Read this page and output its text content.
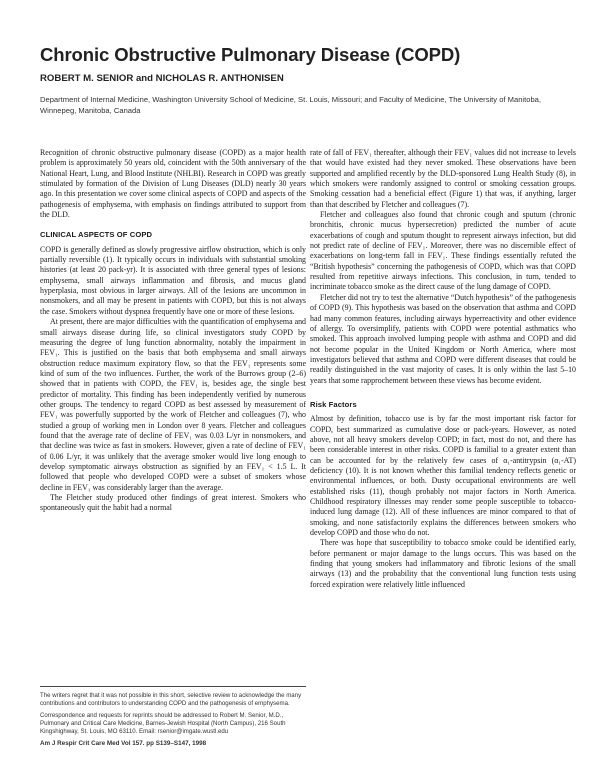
Chronic Obstructive Pulmonary Disease (COPD)
ROBERT M. SENIOR and NICHOLAS R. ANTHONISEN
Department of Internal Medicine, Washington University School of Medicine, St. Louis, Missouri; and Faculty of Medicine, The University of Manitoba, Winnepeg, Manitoba, Canada

Recognition of chronic obstructive pulmonary disease (COPD) as a major health problem is approximately 50 years old, coincident with the 50th anniversary of the National Heart, Lung, and Blood Institute (NHLBI). Research in COPD was greatly stimulated by formation of the Division of Lung Diseases (DLD) nearly 30 years ago. In this presentation we cover some clinical aspects of COPD and aspects of the pathogenesis of emphysema, with emphasis on findings attributed to support from the DLD.

CLINICAL ASPECTS OF COPD

COPD is generally defined as slowly progressive airflow obstruction, which is only partially reversible (1). It typically occurs in individuals with substantial smoking histories (at least 20 pack-yr). It is associated with three general types of lesions: emphysema, small airways inflammation and fibrosis, and mucus gland hyperplasia, most obvious in larger airways. All of the lesions are uncommon in nonsmokers, and all may be present in patients with COPD, but this is not always the case. Smokers without dyspnea frequently have one or more of these lesions.

At present, there are major difficulties with the quantification of emphysema and small airways disease during life, so clinical investigators study COPD by measuring the degree of lung function abnormality, notably the impairment in FEV₁. This is justified on the basis that both emphysema and small airways obstruction reduce maximum expiratory flow, so that the FEV₁ represents some kind of sum of the two influences. Further, the work of the Burrows group (2–6) showed that in patients with COPD, the FEV₁ is, besides age, the single best predictor of mortality. This finding has been independently verified by numerous other groups. The tendency to regard COPD as best assessed by measurement of FEV₁ was powerfully supported by the work of Fletcher and colleagues (7), who studied a group of working men in London over 8 years. Fletcher and colleagues found that the average rate of decline of FEV₁ was 0.03 L/yr in nonsmokers, and that decline was twice as fast in smokers. However, given a rate of decline of FEV₁ of 0.06 L/yr, it was unlikely that the average smoker would live long enough to develop symptomatic airways obstruction as signified by an FEV₁ < 1.5 L. It followed that people who developed COPD were a subset of smokers whose decline in FEV₁ was considerably larger than the average.

The Fletcher study produced other findings of great interest. Smokers who spontaneously quit the habit had a normal

rate of fall of FEV₁ thereafter, although their FEV₁ values did not increase to levels that would have existed had they never smoked. These observations have been supported and amplified recently by the DLD-sponsored Lung Health Study (8), in which smokers were randomly assigned to control or smoking cessation groups. Smoking cessation had a beneficial effect (Figure 1) that was, if anything, larger than that described by Fletcher and colleagues (7).

Fletcher and colleagues also found that chronic cough and sputum (chronic bronchitis, chronic mucus hypersecretion) predicted the number of acute exacerbations of cough and sputum thought to represent airways infection, but did not predict rate of decline of FEV₁. Moreover, there was no discernible effect of exacerbations on long-term fall in FEV₁. These findings essentially refuted the “British hypothesis” concerning the pathogenesis of COPD, which was that COPD resulted from repetitive airways infections. This conclusion, in turn, tended to incriminate tobacco smoke as the direct cause of the lung damage of COPD.

Fletcher did not try to test the alternative “Dutch hypothesis” of the pathogenesis of COPD (9). This hypothesis was based on the observation that asthma and COPD had many common features, including airways hyperreactivity and other evidence of allergy. To oversimplify, patients with COPD were potential asthmatics who smoked. This approach involved lumping people with asthma and COPD and did not become popular in the United Kingdom or North America, where most investigators believed that asthma and COPD were different diseases that could be readily distinguished in the vast majority of cases. It is only within the last 5–10 years that some rapprochement between these views has become evident.

Risk Factors

Almost by definition, tobacco use is by far the most important risk factor for COPD, best summarized as cumulative dose or pack-years. However, as noted above, not all heavy smokers develop COPD; in fact, most do not, and there has been considerable interest in other risks. COPD is familial to a greater extent than can be accounted for by the relatively few cases of α₁-antitrypsin (α₁-AT) deficiency (10). It is not known whether this familial tendency reflects genetic or environmental influences, or both. Dusty occupational environments are well established risks (11), though probably not major factors in North America. Childhood respiratory illnesses may render some people susceptible to tobacco-induced lung damage (12). All of these influences are minor compared to that of smoking, and none satisfactorily explains the differences between smokers who develop COPD and those who do not.

There was hope that susceptibility to tobacco smoke could be identified early, before permanent or major damage to the lungs occurs. This was based on the finding that young smokers had inflammatory and fibrotic lesions of the small airways (13) and the probability that the conventional lung function tests using forced expiration were relatively little influenced

The writers regret that it was not possible in this short, selective review to acknowledge the many contributions and contributors to understanding COPD and the pathogenesis of emphysema.

Correspondence and requests for reprints should be addressed to Robert M. Senior, M.D., Pulmonary and Critical Care Medicine, Barnes-Jewish Hospital (North Campus), 216 South Kingshighway, St. Louis, MO 63110. Email: rsenior@imgate.wustl.edu

Am J Respir Crit Care Med Vol 157. pp S139–S147, 1998
